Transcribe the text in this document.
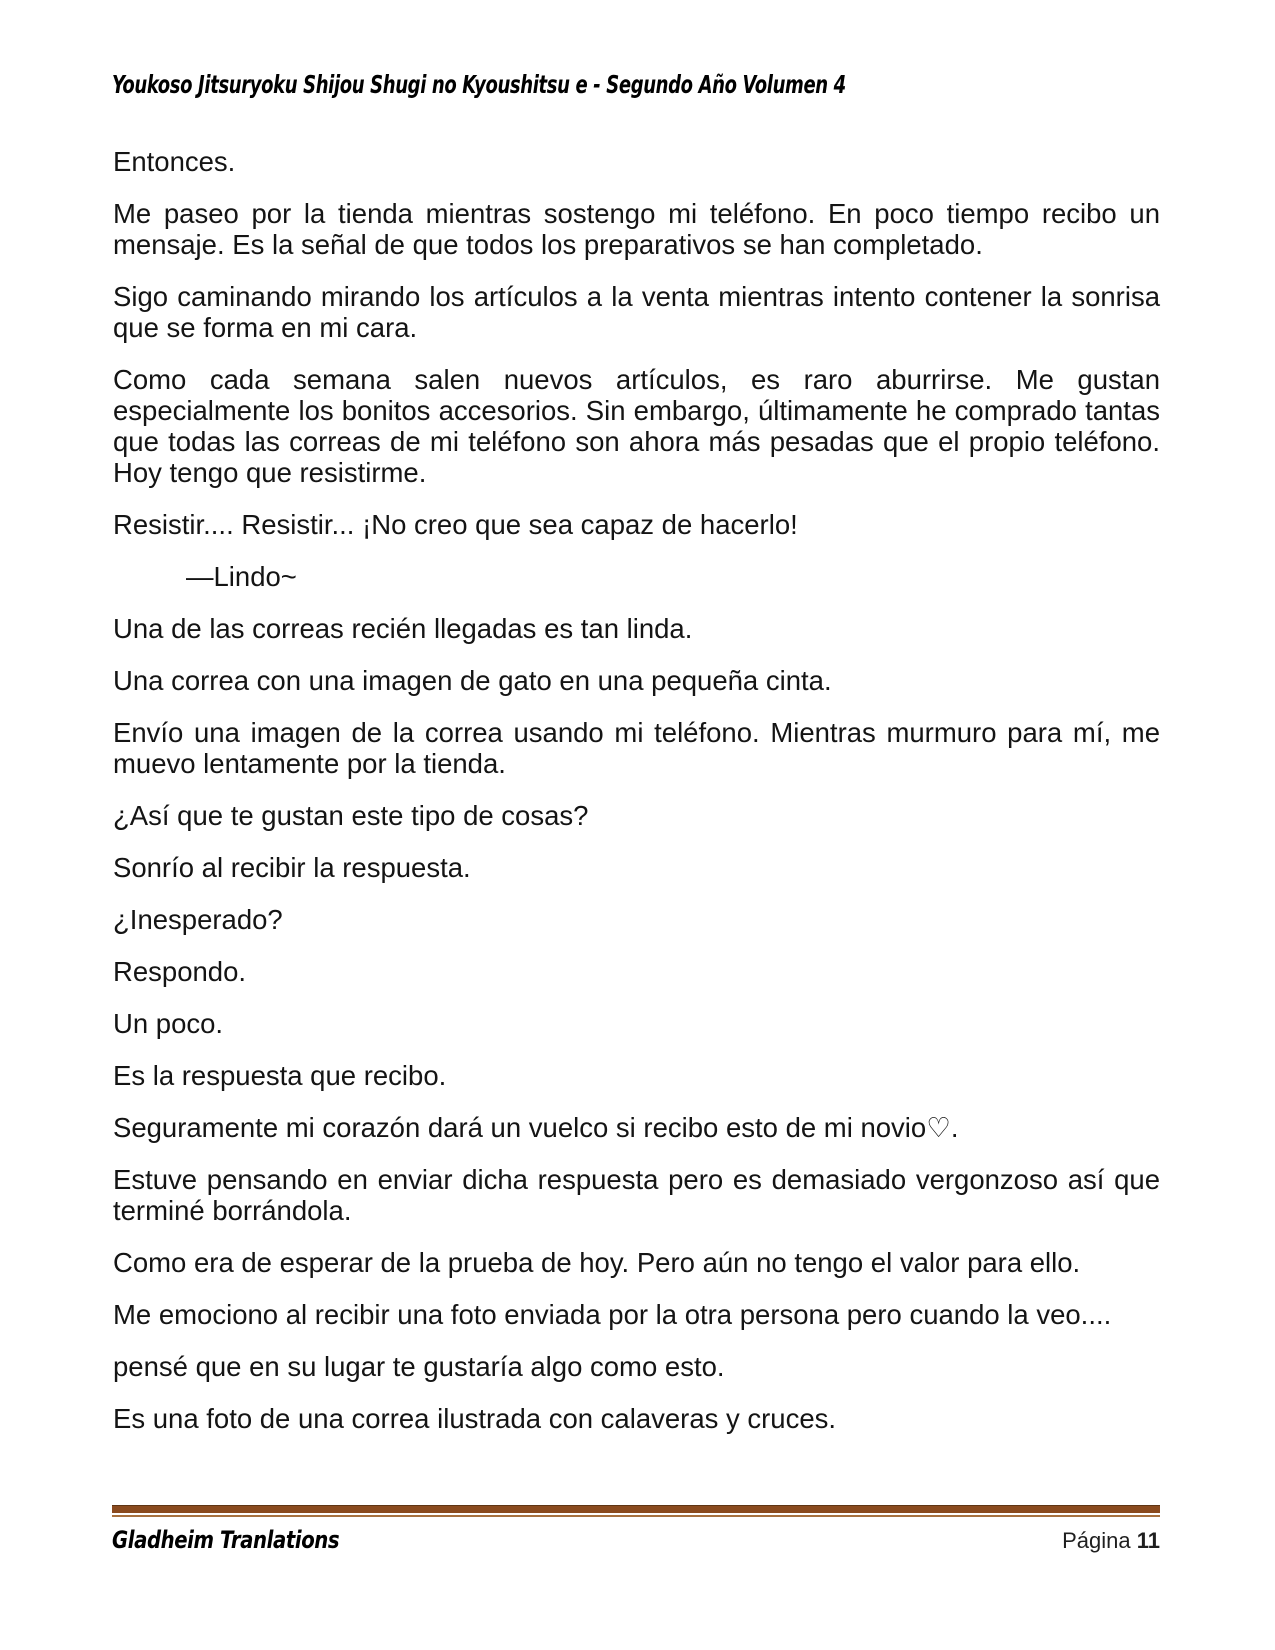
Youkoso Jitsuryoku Shijou Shugi no Kyoushitsu e - Segundo Año Volumen 4

Entonces.

Me paseo por la tienda mientras sostengo mi teléfono. En poco tiempo recibo un mensaje. Es la señal de que todos los preparativos se han completado.

Sigo caminando mirando los artículos a la venta mientras intento contener la sonrisa que se forma en mi cara.

Como cada semana salen nuevos artículos, es raro aburrirse. Me gustan especialmente los bonitos accesorios. Sin embargo, últimamente he comprado tantas que todas las correas de mi teléfono son ahora más pesadas que el propio teléfono. Hoy tengo que resistirme.

Resistir.... Resistir... ¡No creo que sea capaz de hacerlo!

—Lindo~

Una de las correas recién llegadas es tan linda.

Una correa con una imagen de gato en una pequeña cinta.

Envío una imagen de la correa usando mi teléfono. Mientras murmuro para mí, me muevo lentamente por la tienda.

¿Así que te gustan este tipo de cosas?

Sonrío al recibir la respuesta.

¿Inesperado?

Respondo.

Un poco.

Es la respuesta que recibo.

Seguramente mi corazón dará un vuelco si recibo esto de mi novio♡.

Estuve pensando en enviar dicha respuesta pero es demasiado vergonzoso así que terminé borrándola.

Como era de esperar de la prueba de hoy. Pero aún no tengo el valor para ello.

Me emociono al recibir una foto enviada por la otra persona pero cuando la veo....

pensé que en su lugar te gustaría algo como esto.

Es una foto de una correa ilustrada con calaveras y cruces.

Gladheim Tranlations	Página 11
